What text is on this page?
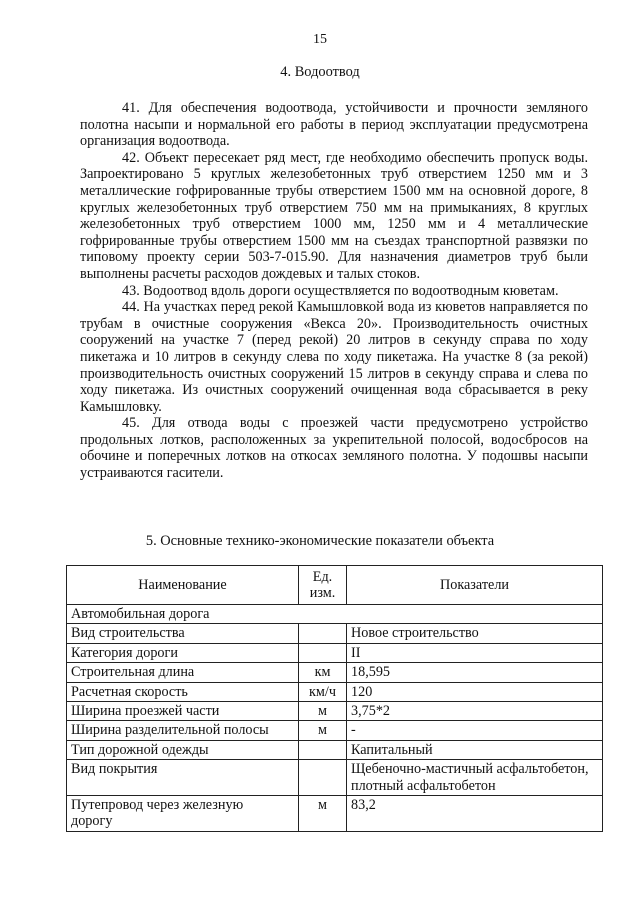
15
4. Водоотвод

41. Для обеспечения водоотвода, устойчивости и прочности земляного полотна насыпи и нормальной его работы в период эксплуатации предусмотрена организация водоотвода.

42. Объект пересекает ряд мест, где необходимо обеспечить пропуск воды. Запроектировано 5 круглых железобетонных труб отверстием 1250 мм и 3 металлические гофрированные трубы отверстием 1500 мм на основной дороге, 8 круглых железобетонных труб отверстием 750 мм на примыканиях, 8 круглых железобетонных труб отверстием 1000 мм, 1250 мм и 4 металлические гофрированные трубы отверстием 1500 мм на съездах транспортной развязки по типовому проекту серии 503-7-015.90. Для назначения диаметров труб были выполнены расчеты расходов дождевых и талых стоков.

43. Водоотвод вдоль дороги осуществляется по водоотводным кюветам.

44. На участках перед рекой Камышловкой вода из кюветов направляется по трубам в очистные сооружения «Векса 20». Производительность очистных сооружений на участке 7 (перед рекой) 20 литров в секунду справа по ходу пикетажа и 10 литров в секунду слева по ходу пикетажа. На участке 8 (за рекой) производительность очистных сооружений 15 литров в секунду справа и слева по ходу пикетажа. Из очистных сооружений очищенная вода сбрасывается в реку Камышловку.

45. Для отвода воды с проезжей части предусмотрено устройство продольных лотков, расположенных за укрепительной полосой, водосбросов на обочине и поперечных лотков на откосах земляного полотна. У подошвы насыпи устраиваются гасители.

5. Основные технико-экономические показатели объекта
Наименование	Ед. изм.	Показатели
Автомобильная дорога		
Вид строительства		Новое строительство
Категория дороги		II
Строительная длина	км	18,595
Расчетная скорость	км/ч	120
Ширина проезжей части	м	3,75*2
Ширина разделительной полосы	м	-
Тип дорожной одежды		Капитальный
Вид покрытия		Щебеночно-мастичный асфальтобетон, плотный асфальтобетон

Путепровод через железную
дорогу	м	83,2
